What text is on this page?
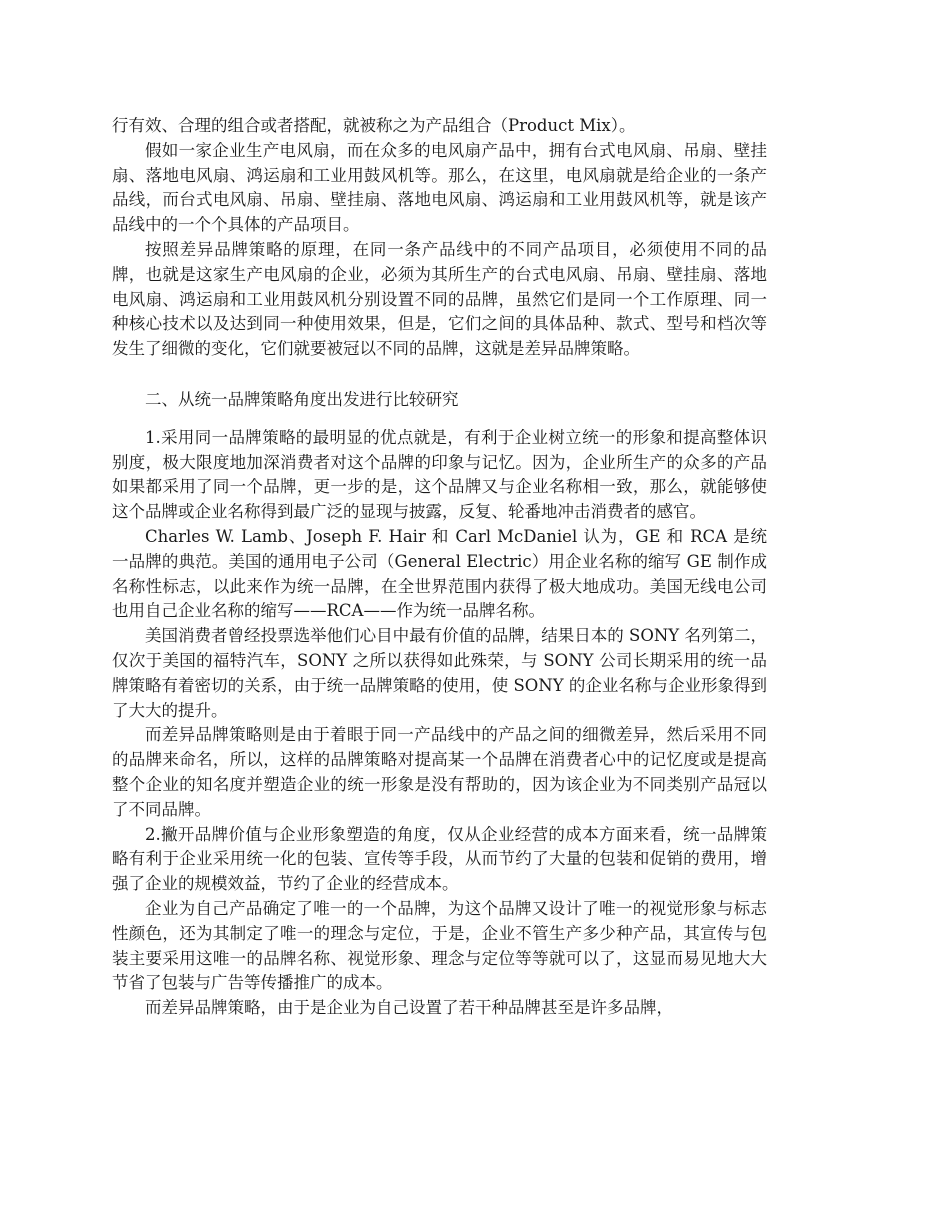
行有效、合理的组合或者搭配，就被称之为产品组合（Product Mix）。

假如一家企业生产电风扇，而在众多的电风扇产品中，拥有台式电风扇、吊扇、壁挂扇、落地电风扇、鸿运扇和工业用鼓风机等。那么，在这里，电风扇就是给企业的一条产品线，而台式电风扇、吊扇、壁挂扇、落地电风扇、鸿运扇和工业用鼓风机等，就是该产品线中的一个个具体的产品项目。

按照差异品牌策略的原理，在同一条产品线中的不同产品项目，必须使用不同的品牌，也就是这家生产电风扇的企业，必须为其所生产的台式电风扇、吊扇、壁挂扇、落地电风扇、鸿运扇和工业用鼓风机分别设置不同的品牌，虽然它们是同一个工作原理、同一种核心技术以及达到同一种使用效果，但是，它们之间的具体品种、款式、型号和档次等发生了细微的变化，它们就要被冠以不同的品牌，这就是差异品牌策略。

二、从统一品牌策略角度出发进行比较研究

1.采用同一品牌策略的最明显的优点就是，有利于企业树立统一的形象和提高整体识别度，极大限度地加深消费者对这个品牌的印象与记忆。因为，企业所生产的众多的产品如果都采用了同一个品牌，更一步的是，这个品牌又与企业名称相一致，那么，就能够使这个品牌或企业名称得到最广泛的显现与披露，反复、轮番地冲击消费者的感官。

Charles W. Lamb、Joseph F. Hair 和 Carl McDaniel 认为，GE 和 RCA 是统一品牌的典范。美国的通用电子公司（General Electric）用企业名称的缩写 GE 制作成名称性标志，以此来作为统一品牌，在全世界范围内获得了极大地成功。美国无线电公司也用自己企业名称的缩写——RCA——作为统一品牌名称。

美国消费者曾经投票选举他们心目中最有价值的品牌，结果日本的 SONY 名列第二，仅次于美国的福特汽车，SONY 之所以获得如此殊荣，与 SONY 公司长期采用的统一品牌策略有着密切的关系，由于统一品牌策略的使用，使 SONY 的企业名称与企业形象得到了大大的提升。

而差异品牌策略则是由于着眼于同一产品线中的产品之间的细微差异，然后采用不同的品牌来命名，所以，这样的品牌策略对提高某一个品牌在消费者心中的记忆度或是提高整个企业的知名度并塑造企业的统一形象是没有帮助的，因为该企业为不同类别产品冠以了不同品牌。

2.撇开品牌价值与企业形象塑造的角度，仅从企业经营的成本方面来看，统一品牌策略有利于企业采用统一化的包装、宣传等手段，从而节约了大量的包装和促销的费用，增强了企业的规模效益，节约了企业的经营成本。

企业为自己产品确定了唯一的一个品牌，为这个品牌又设计了唯一的视觉形象与标志性颜色，还为其制定了唯一的理念与定位，于是，企业不管生产多少种产品，其宣传与包装主要采用这唯一的品牌名称、视觉形象、理念与定位等等就可以了，这显而易见地大大节省了包装与广告等传播推广的成本。

而差异品牌策略，由于是企业为自己设置了若干种品牌甚至是许多品牌，
